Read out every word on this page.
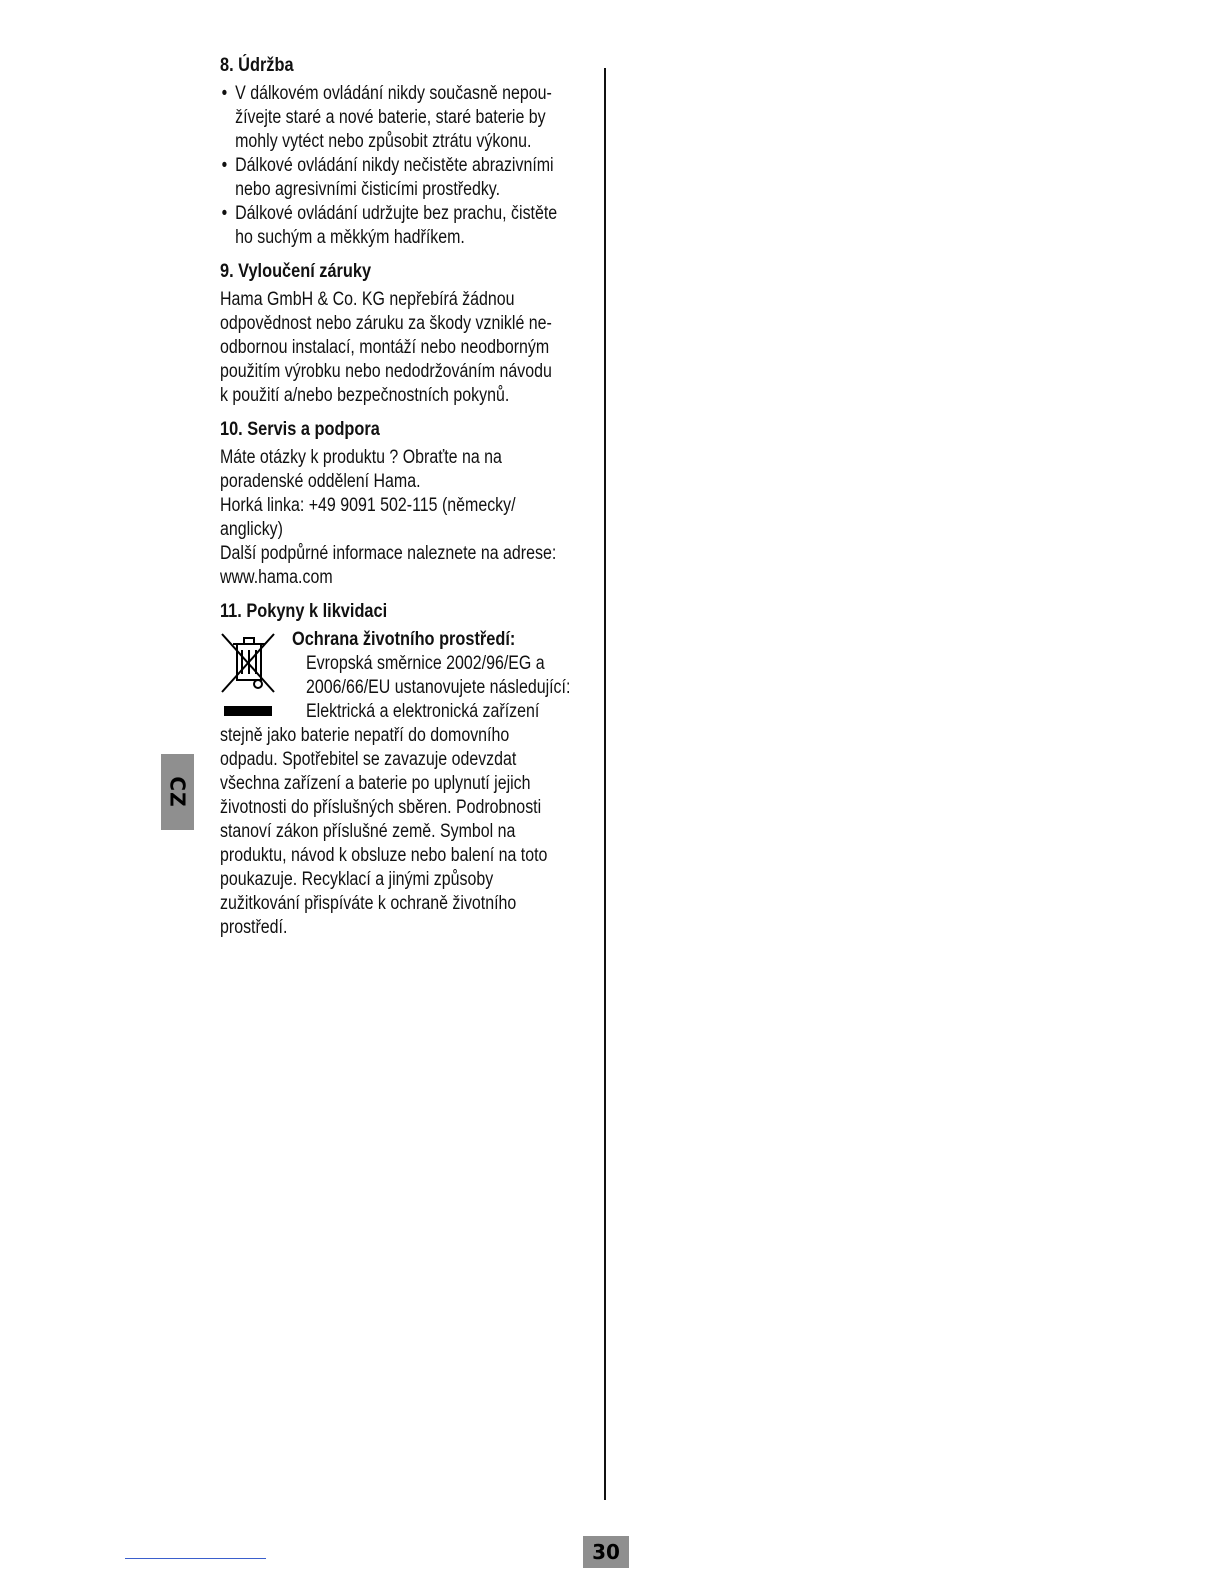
8. Údržba
• V dálkovém ovládání nikdy současně nepou-
žívejte staré a nové baterie, staré baterie by
mohly vytéct nebo způsobit ztrátu výkonu.
• Dálkové ovládání nikdy nečistěte abrazivními
nebo agresivními čisticími prostředky.
• Dálkové ovládání udržujte bez prachu, čistěte
ho suchým a měkkým hadříkem.
9. Vyloučení záruky

Hama GmbH & Co. KG nepřebírá žádnou
odpovědnost nebo záruku za škody vzniklé ne-
odbornou instalací, montáží nebo neodborným
použitím výrobku nebo nedodržováním návodu
k použití a/nebo bezpečnostních pokynů.

10. Servis a podpora

Máte otázky k produktu ? Obraťte na na
poradenské oddělení Hama.
Horká linka: +49 9091 502-115 (německy/
anglicky)
Další podpůrné informace naleznete na adrese:
www.hama.com

11. Pokyny k likvidaci
Ochrana životního prostředí:

Evropská směrnice 2002/96/EG a
2006/66/EU ustanovujete následující:
Elektrická a elektronická zařízení

stejně jako baterie nepatří do domovního
odpadu. Spotřebitel se zavazuje odevzdat
všechna zařízení a baterie po uplynutí jejich
životnosti do příslušných sběren. Podrobnosti
stanoví zákon příslušné země. Symbol na
produktu, návod k obsluze nebo balení na toto
poukazuje. Recyklací a jinými způsoby
zužitkování přispíváte k ochraně životního
prostředí.

CZ
30
